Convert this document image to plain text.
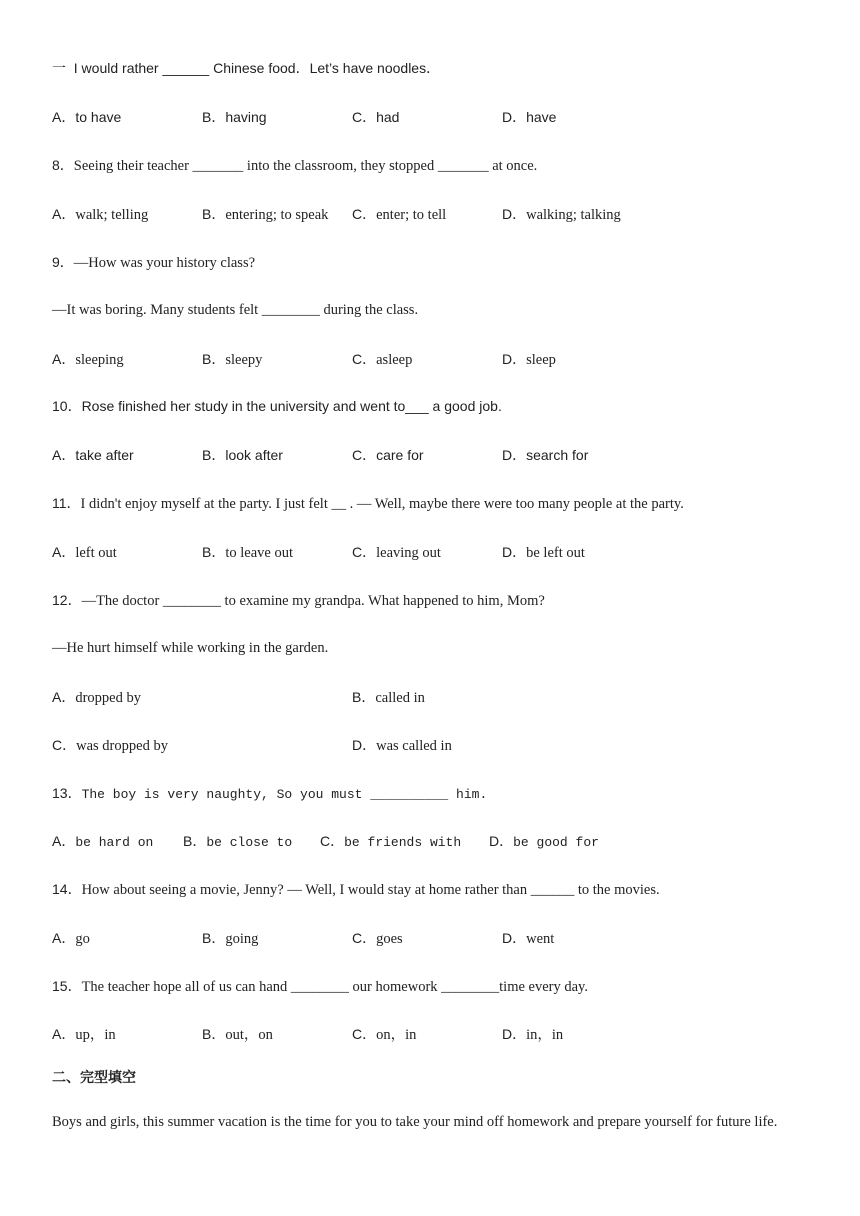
一  I would rather ______ Chinese food．Let’s have noodles．
A．to have	B．having	C．had	D．have
8．Seeing their teacher _______ into the classroom, they stopped _______ at once.
A．walk; telling	B．entering; to speak C．enter; to tell	D．walking; talking
9．—How was your history class?
—It was boring. Many students felt ________ during the class.
A．sleeping	B．sleepy	C．asleep	D．sleep
10．Rose finished her study in the university and went to___ a good job.
A．take after	B．look after	C．care for	D．search for
11．I didn't enjoy myself at the party. I just felt __ . — Well, maybe there were too many people at the party.
A．left out	B．to leave out	C．leaving out	D．be left out
12．—The doctor ________ to examine my grandpa. What happened to him, Mom?
—He hurt himself while working in the garden.
A．dropped by	B．called in
C．was dropped by	D．was called in
13．The boy is very naughty, So you must __________ him.
A．be hard on B．be close to C．be friends with D．be good for
14．How about seeing a movie, Jenny? — Well, I would stay at home rather than ______ to the movies.
A．go	B．going	C．goes	D．went
15．The teacher hope all of us can hand ________ our homework ________time every day.
A．up，in	B．out，on	C．on，in	D．in，in
二、完型填空
Boys and girls, this summer vacation is the time for you to take your mind off homework and prepare yourself for future life.
